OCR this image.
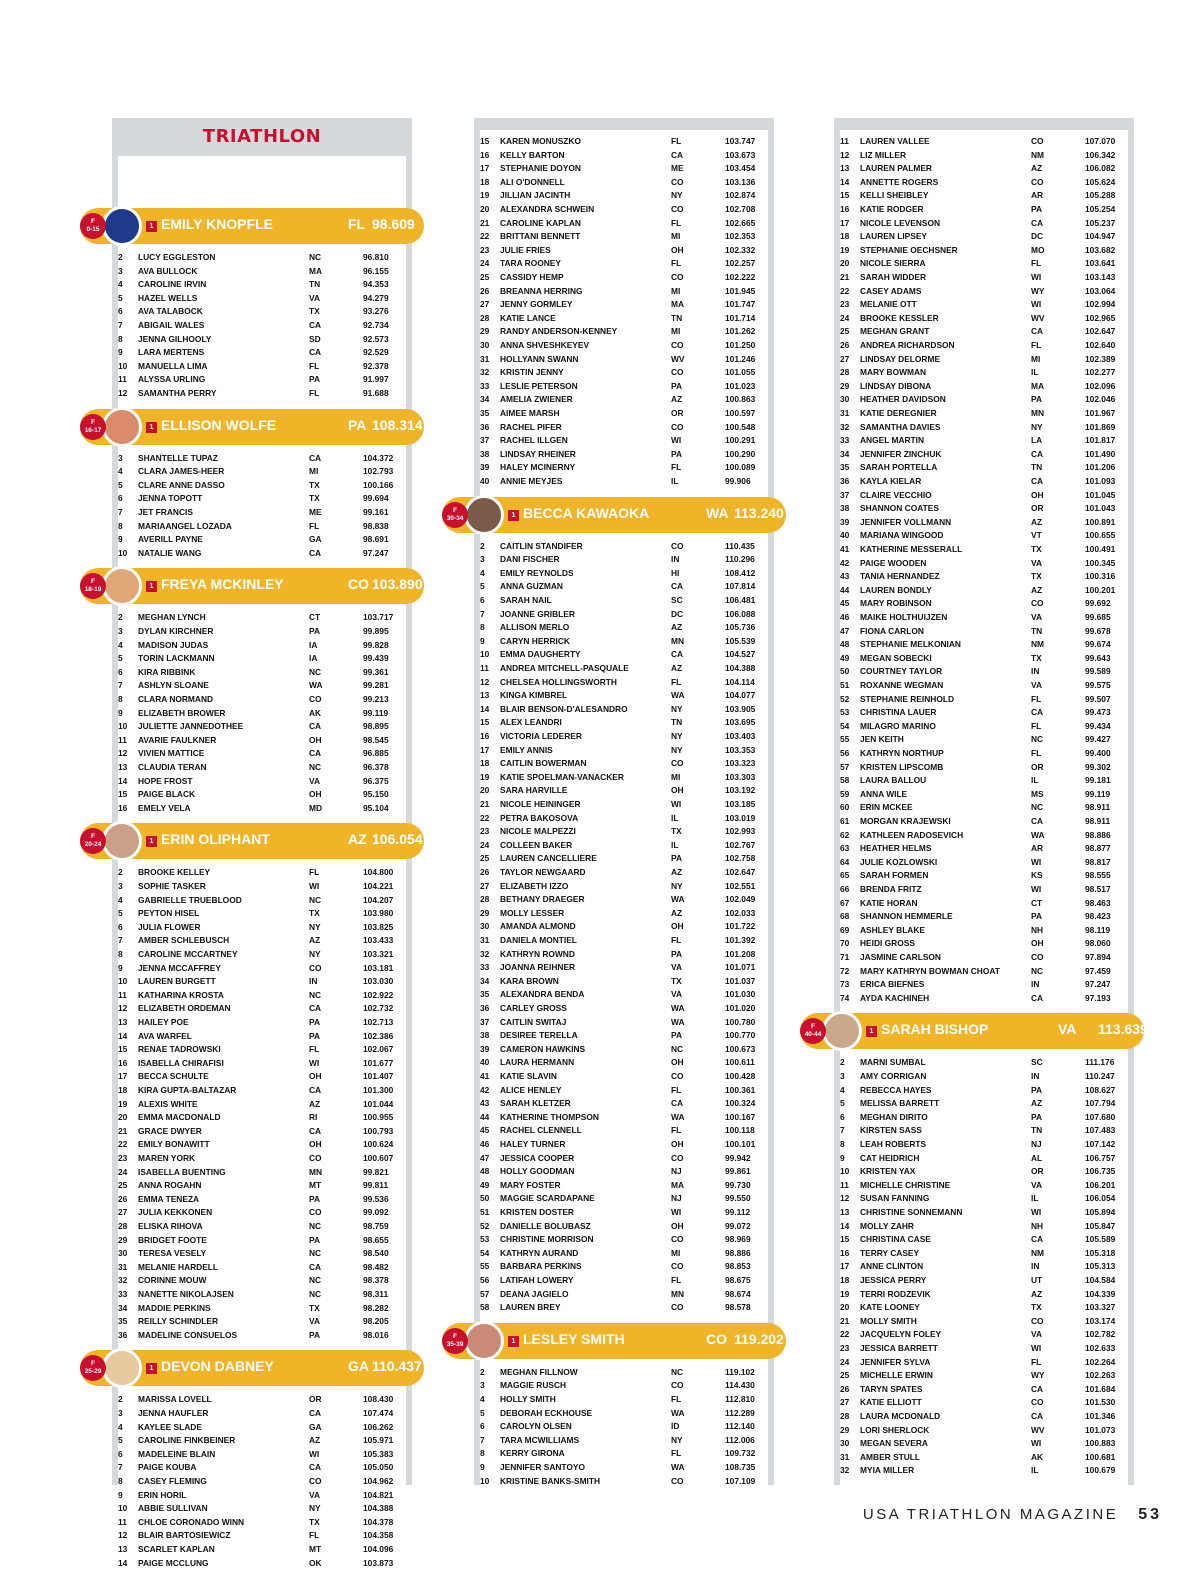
TRIATHLON
F
0-15	1 EMILY KNOPFLE	FL 98.609
2	LUCY EGGLESTON	NC	96.810
3	AVA BULLOCK	MA	96.155
4	CAROLINE IRVIN	TN	94.353
5	HAZEL WELLS	VA	94.279
6	AVA TALABOCK	TX	93.276
7	ABIGAIL WALES	CA	92.734
8	JENNA GILHOOLY	SD	92.573
9	LARA MERTENS	CA	92.529
10	MANUELLA LIMA	FL	92.378
11	ALYSSA URLING	PA	91.997
12	SAMANTHA PERRY	FL	91.688
F
16-17	1 ELLISON WOLFE	PA 108.314
3	SHANTELLE TUPAZ	CA	104.372
4	CLARA JAMES-HEER	MI	102.793
5	CLARE ANNE DASSO	TX	100.166
6	JENNA TOPOTT	TX	99.694
7	JET FRANCIS	ME	99.161
8	MARIAANGEL LOZADA	FL	98.838
9	AVERILL PAYNE	GA	98.691
10	NATALIE WANG	CA	97.247
F
18-19	1 FREYA MCKINLEY	CO 103.890
2	MEGHAN LYNCH	CT	103.717
3	DYLAN KIRCHNER	PA	99.895
4	MADISON JUDAS	IA	99.828
5	TORIN LACKMANN	IA	99.439
6	KIRA RIBBINK	NC	99.361
7	ASHLYN SLOANE	WA	99.281
8	CLARA NORMAND	CO	99.213
9	ELIZABETH BROWER	AK	99.119
10	JULIETTE JANNEDOTHEE	CA	98.895
11	AVARIE FAULKNER	OH	98.545
12	VIVIEN MATTICE	CA	96.885
13	CLAUDIA TERAN	NC	96.378
14	HOPE FROST	VA	96.375
15	PAIGE BLACK	OH	95.150
16	EMELY VELA	MD	95.104
F
20-24	1 ERIN OLIPHANT	AZ 106.054
2	BROOKE KELLEY	FL	104.800
3	SOPHIE TASKER	WI	104.221
4	GABRIELLE TRUEBLOOD	NC	104.207
5	PEYTON HISEL	TX	103.980
6	JULIA FLOWER	NY	103.825
7	AMBER SCHLEBUSCH	AZ	103.433
8	CAROLINE MCCARTNEY	NY	103.321
9	JENNA MCCAFFREY	CO	103.181
10	LAUREN BURGETT	IN	103.030
11	KATHARINA KROSTA	NC	102.922
12	ELIZABETH ORDEMAN	CA	102.732
13	HAILEY POE	PA	102.713
14	AVA WARFEL	PA	102.386
15	RENAE TADROWSKI	FL	102.067
16	ISABELLA CHIRAFISI	WI	101.677
17	BECCA SCHULTE	OH	101.407
18	KIRA GUPTA-BALTAZAR	CA	101.300
19	ALEXIS WHITE	AZ	101.044
20	EMMA MACDONALD	RI	100.955
21	GRACE DWYER	CA	100.793
22	EMILY BONAWITT	OH	100.624
23	MAREN YORK	CO	100.607
24	ISABELLA BUENTING	MN	99.821
25	ANNA ROGAHN	MT	99.811
26	EMMA TENEZA	PA	99.536
27	JULIA KEKKONEN	CO	99.092
28	ELISKA RIHOVA	NC	98.759
29	BRIDGET FOOTE	PA	98.655
30	TERESA VESELY	NC	98.540
31	MELANIE HARDELL	CA	98.482
32	CORINNE MOUW	NC	98.378
33	NANETTE NIKOLAJSEN	NC	98.311
34	MADDIE PERKINS	TX	98.282
35	REILLY SCHINDLER	VA	98.205
36	MADELINE CONSUELOS	PA	98.016
F
25-29	1 DEVON DABNEY	GA 110.437
2	MARISSA LOVELL	OR	108.430
3	JENNA HAUFLER	CA	107.474
4	KAYLEE SLADE	GA	106.262
5	CAROLINE FINKBEINER	AZ	105.971
6	MADELEINE BLAIN	WI	105.383
7	PAIGE KOUBA	CA	105.050
8	CASEY FLEMING	CO	104.962
9	ERIN HORIL	VA	104.821
10	ABBIE SULLIVAN	NY	104.388
11	CHLOE CORONADO WINN	TX	104.378
12	BLAIR BARTOSIEWICZ	FL	104.358
13	SCARLET KAPLAN	MT	104.096
14	PAIGE MCCLUNG	OK	103.873
15	KAREN MONUSZKO	FL	103.747
16	KELLY BARTON	CA	103.673
17	STEPHANIE DOYON	ME	103.454
18	ALI O'DONNELL	CO	103.136
19	JILLIAN JACINTH	NY	102.874
20	ALEXANDRA SCHWEIN	CO	102.708
21	CAROLINE KAPLAN	FL	102.665
22	BRITTANI BENNETT	MI	102.353
23	JULIE FRIES	OH	102.332
24	TARA ROONEY	FL	102.257
25	CASSIDY HEMP	CO	102.222
26	BREANNA HERRING	MI	101.945
27	JENNY GORMLEY	MA	101.747
28	KATIE LANCE	TN	101.714
29	RANDY ANDERSON-KENNEY	MI	101.262
30	ANNA SHVESHKEYEV	CO	101.250
31	HOLLYANN SWANN	WV	101.246
32	KRISTIN JENNY	CO	101.055
33	LESLIE PETERSON	PA	101.023
34	AMELIA ZWIENER	AZ	100.863
35	AIMEE MARSH	OR	100.597
36	RACHEL PIFER	CO	100.548
37	RACHEL ILLGEN	WI	100.291
38	LINDSAY RHEINER	PA	100.290
39	HALEY MCINERNY	FL	100.089
40	ANNIE MEYJES	IL	99.906
F
30-34	1 BECCA KAWAOKA	WA 113.240
2	CAITLIN STANDIFER	CO	110.435
3	DANI FISCHER	IN	110.296
4	EMILY REYNOLDS	HI	108.412
5	ANNA GUZMAN	CA	107.814
6	SARAH NAIL	SC	106.481
7	JOANNE GRIBLER	DC	106.088
8	ALLISON MERLO	AZ	105.736
9	CARYN HERRICK	MN	105.539
10	EMMA DAUGHERTY	CA	104.527
11	ANDREA MITCHELL-PASQUALE	AZ	104.388
12	CHELSEA HOLLINGSWORTH	FL	104.114
13	KINGA KIMBREL	WA	104.077
14	BLAIR BENSON-D'ALESANDRO	NY	103.905
15	ALEX LEANDRI	TN	103.695
16	VICTORIA LEDERER	NY	103.403
17	EMILY ANNIS	NY	103.353
18	CAITLIN BOWERMAN	CO	103.323
19	KATIE SPOELMAN-VANACKER	MI	103.303
20	SARA HARVILLE	OH	103.192
21	NICOLE HEININGER	WI	103.185
22	PETRA BAKOSOVA	IL	103.019
23	NICOLE MALPEZZI	TX	102.993
24	COLLEEN BAKER	IL	102.767
25	LAUREN CANCELLIERE	PA	102.758
26	TAYLOR NEWGAARD	AZ	102.647
27	ELIZABETH IZZO	NY	102.551
28	BETHANY DRAEGER	WA	102.049
29	MOLLY LESSER	AZ	102.033
30	AMANDA ALMOND	OH	101.722
31	DANIELA MONTIEL	FL	101.392
32	KATHRYN ROWND	PA	101.208
33	JOANNA REIHNER	VA	101.071
34	KARA BROWN	TX	101.037
35	ALEXANDRA BENDA	VA	101.030
36	CARLEY GROSS	WA	101.020
37	CAITLIN SWITAJ	WA	100.780
38	DESIREE TERELLA	PA	100.770
39	CAMERON HAWKINS	NC	100.673
40	LAURA HERMANN	OH	100.611
41	KATIE SLAVIN	CO	100.428
42	ALICE HENLEY	FL	100.361
43	SARAH KLETZER	CA	100.324
44	KATHERINE THOMPSON	WA	100.167
45	RACHEL CLENNELL	FL	100.118
46	HALEY TURNER	OH	100.101
47	JESSICA COOPER	CO	99.942
48	HOLLY GOODMAN	NJ	99.861
49	MARY FOSTER	MA	99.730
50	MAGGIE SCARDAPANE	NJ	99.550
51	KRISTEN DOSTER	WI	99.112
52	DANIELLE BOLUBASZ	OH	99.072
53	CHRISTINE MORRISON	CO	98.969
54	KATHRYN AURAND	MI	98.886
55	BARBARA PERKINS	CO	98.853
56	LATIFAH LOWERY	FL	98.675
57	DEANA JAGIELO	MN	98.674
58	LAUREN BREY	CO	98.578
F
35-39	1 LESLEY SMITH	CO 119.202
2	MEGHAN FILLNOW	NC	119.102
3	MAGGIE RUSCH	CO	114.430
4	HOLLY SMITH	FL	112.810
5	DEBORAH ECKHOUSE	WA	112.289
6	CAROLYN OLSEN	ID	112.140
7	TARA MCWILLIAMS	NY	112.006
8	KERRY GIRONA	FL	109.732
9	JENNIFER SANTOYO	WA	108.735
10	KRISTINE BANKS-SMITH	CO	107.109
11	LAUREN VALLEE	CO	107.070
12	LIZ MILLER	NM	106.342
13	LAUREN PALMER	AZ	106.082
14	ANNETTE ROGERS	CO	105.624
15	KELLI SHEIBLEY	AR	105.288
16	KATIE RODGER	PA	105.254
17	NICOLE LEVENSON	CA	105.237
18	LAUREN LIPSEY	DC	104.947
19	STEPHANIE OECHSNER	MO	103.682
20	NICOLE SIERRA	FL	103.641
21	SARAH WIDDER	WI	103.143
22	CASEY ADAMS	WY	103.064
23	MELANIE OTT	WI	102.994
24	BROOKE KESSLER	WV	102.965
25	MEGHAN GRANT	CA	102.647
26	ANDREA RICHARDSON	FL	102.640
27	LINDSAY DELORME	MI	102.389
28	MARY BOWMAN	IL	102.277
29	LINDSAY DIBONA	MA	102.096
30	HEATHER DAVIDSON	PA	102.046
31	KATIE DEREGNIER	MN	101.967
32	SAMANTHA DAVIES	NY	101.869
33	ANGEL MARTIN	LA	101.817
34	JENNIFER ZINCHUK	CA	101.490
35	SARAH PORTELLA	TN	101.206
36	KAYLA KIELAR	CA	101.093
37	CLAIRE VECCHIO	OH	101.045
38	SHANNON COATES	OR	101.043
39	JENNIFER VOLLMANN	AZ	100.891
40	MARIANA WINGOOD	VT	100.655
41	KATHERINE MESSERALL	TX	100.491
42	PAIGE WOODEN	VA	100.345
43	TANIA HERNANDEZ	TX	100.316
44	LAUREN BONDLY	AZ	100.201
45	MARY ROBINSON	CO	99.692
46	MAIKE HOLTHUIJZEN	VA	99.685
47	FIONA CARLON	TN	99.678
48	STEPHANIE MELKONIAN	NM	99.674
49	MEGAN SOBECKI	TX	99.643
50	COURTNEY TAYLOR	IN	99.589
51	ROXANNE WEGMAN	VA	99.575
52	STEPHANIE REINHOLD	FL	99.507
53	CHRISTINA LAUER	CA	99.473
54	MILAGRO MARINO	FL	99.434
55	JEN KEITH	NC	99.427
56	KATHRYN NORTHUP	FL	99.400
57	KRISTEN LIPSCOMB	OR	99.302
58	LAURA BALLOU	IL	99.181
59	ANNA WILE	MS	99.119
60	ERIN MCKEE	NC	98.911
61	MORGAN KRAJEWSKI	CA	98.911
62	KATHLEEN RADOSEVICH	WA	98.886
63	HEATHER HELMS	AR	98.877
64	JULIE KOZLOWSKI	WI	98.817
65	SARAH FORMEN	KS	98.555
66	BRENDA FRITZ	WI	98.517
67	KATIE HORAN	CT	98.463
68	SHANNON HEMMERLE	PA	98.423
69	ASHLEY BLAKE	NH	98.119
70	HEIDI GROSS	OH	98.060
71	JASMINE CARLSON	CO	97.894
72	MARY KATHRYN BOWMAN CHOAT	NC	97.459
73	ERICA BIEFNES	IN	97.247
74	AYDA KACHINEH	CA	97.193
F
40-44	1 SARAH BISHOP	VA 113.639
2	MARNI SUMBAL	SC	111.176
3	AMY CORRIGAN	IN	110.247
4	REBECCA HAYES	PA	108.627
5	MELISSA BARRETT	AZ	107.794
6	MEGHAN DIRITO	PA	107.680
7	KIRSTEN SASS	TN	107.483
8	LEAH ROBERTS	NJ	107.142
9	CAT HEIDRICH	AL	106.757
10	KRISTEN YAX	OR	106.735
11	MICHELLE CHRISTINE	VA	106.201
12	SUSAN FANNING	IL	106.054
13	CHRISTINE SONNEMANN	WI	105.894
14	MOLLY ZAHR	NH	105.847
15	CHRISTINA CASE	CA	105.589
16	TERRY CASEY	NM	105.318
17	ANNE CLINTON	IN	105.313
18	JESSICA PERRY	UT	104.584
19	TERRI RODZEVIK	AZ	104.339
20	KATE LOONEY	TX	103.327
21	MOLLY SMITH	CO	103.174
22	JACQUELYN FOLEY	VA	102.782
23	JESSICA BARRETT	WI	102.633
24	JENNIFER SYLVA	FL	102.264
25	MICHELLE ERWIN	WY	102.263
26	TARYN SPATES	CA	101.684
27	KATIE ELLIOTT	CO	101.530
28	LAURA MCDONALD	CA	101.346
29	LORI SHERLOCK	WV	101.073
30	MEGAN SEVERA	WI	100.883
31	AMBER STULL	AK	100.681
32	MYIA MILLER	IL	100.679
USA TRIATHLON MAGAZINE 53
